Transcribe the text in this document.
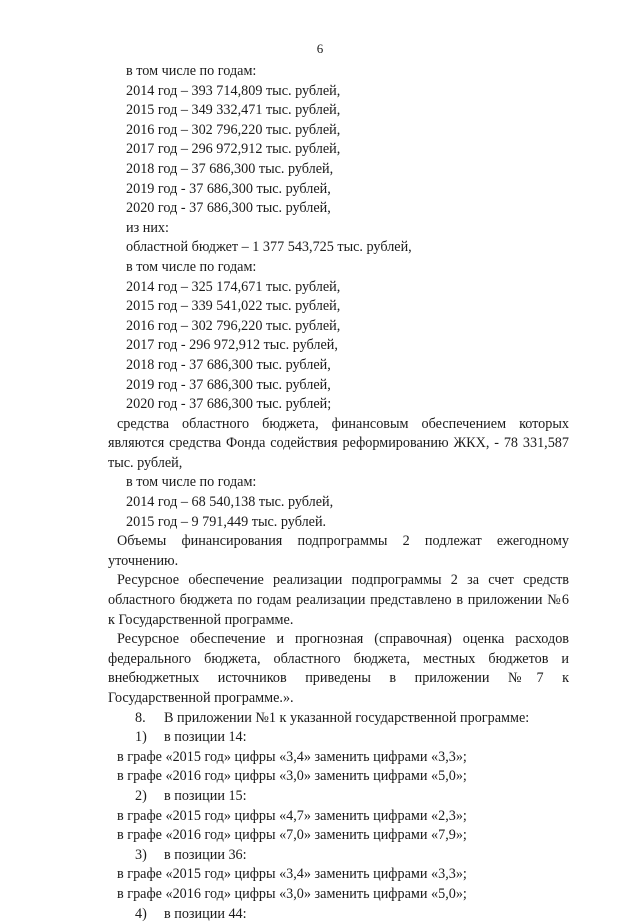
6
в том числе по годам:
2014 год – 393 714,809 тыс. рублей,
2015 год – 349 332,471 тыс. рублей,
2016 год – 302 796,220 тыс. рублей,
2017 год – 296 972,912 тыс. рублей,
2018 год – 37 686,300 тыс. рублей,
2019 год - 37 686,300 тыс. рублей,
2020 год - 37 686,300 тыс. рублей,
из них:
областной бюджет – 1 377 543,725 тыс. рублей,
в том числе по годам:
2014 год – 325 174,671 тыс. рублей,
2015 год – 339 541,022 тыс. рублей,
2016 год – 302 796,220 тыс. рублей,
2017 год - 296 972,912 тыс. рублей,
2018 год - 37 686,300 тыс. рублей,
2019 год - 37 686,300 тыс. рублей,
2020 год - 37 686,300 тыс. рублей;

средства областного бюджета, финансовым обеспечением которых являются средства Фонда содействия реформированию ЖКХ, - 78 331,587 тыс. рублей,

в том числе по годам:
2014 год – 68 540,138 тыс. рублей,
2015 год – 9 791,449 тыс. рублей.

Объемы финансирования подпрограммы 2 подлежат ежегодному уточнению.

Ресурсное обеспечение реализации подпрограммы 2 за счет средств областного бюджета по годам реализации представлено в приложении №6 к Государственной программе.

Ресурсное обеспечение и прогнозная (справочная) оценка расходов федерального бюджета, областного бюджета, местных бюджетов и внебюджетных источников приведены в приложении №7 к Государственной программе.».

8. В приложении №1 к указанной государственной программе:
1) в позиции 14:
в графе «2015 год» цифры «3,4» заменить цифрами «3,3»;
в графе «2016 год» цифры «3,0» заменить цифрами «5,0»;
2) в позиции 15:
в графе «2015 год» цифры «4,7» заменить цифрами «2,3»;
в графе «2016 год» цифры «7,0» заменить цифрами «7,9»;
3) в позиции 36:
в графе «2015 год» цифры «3,4» заменить цифрами «3,3»;
в графе «2016 год» цифры «3,0» заменить цифрами «5,0»;
4) в позиции 44:
